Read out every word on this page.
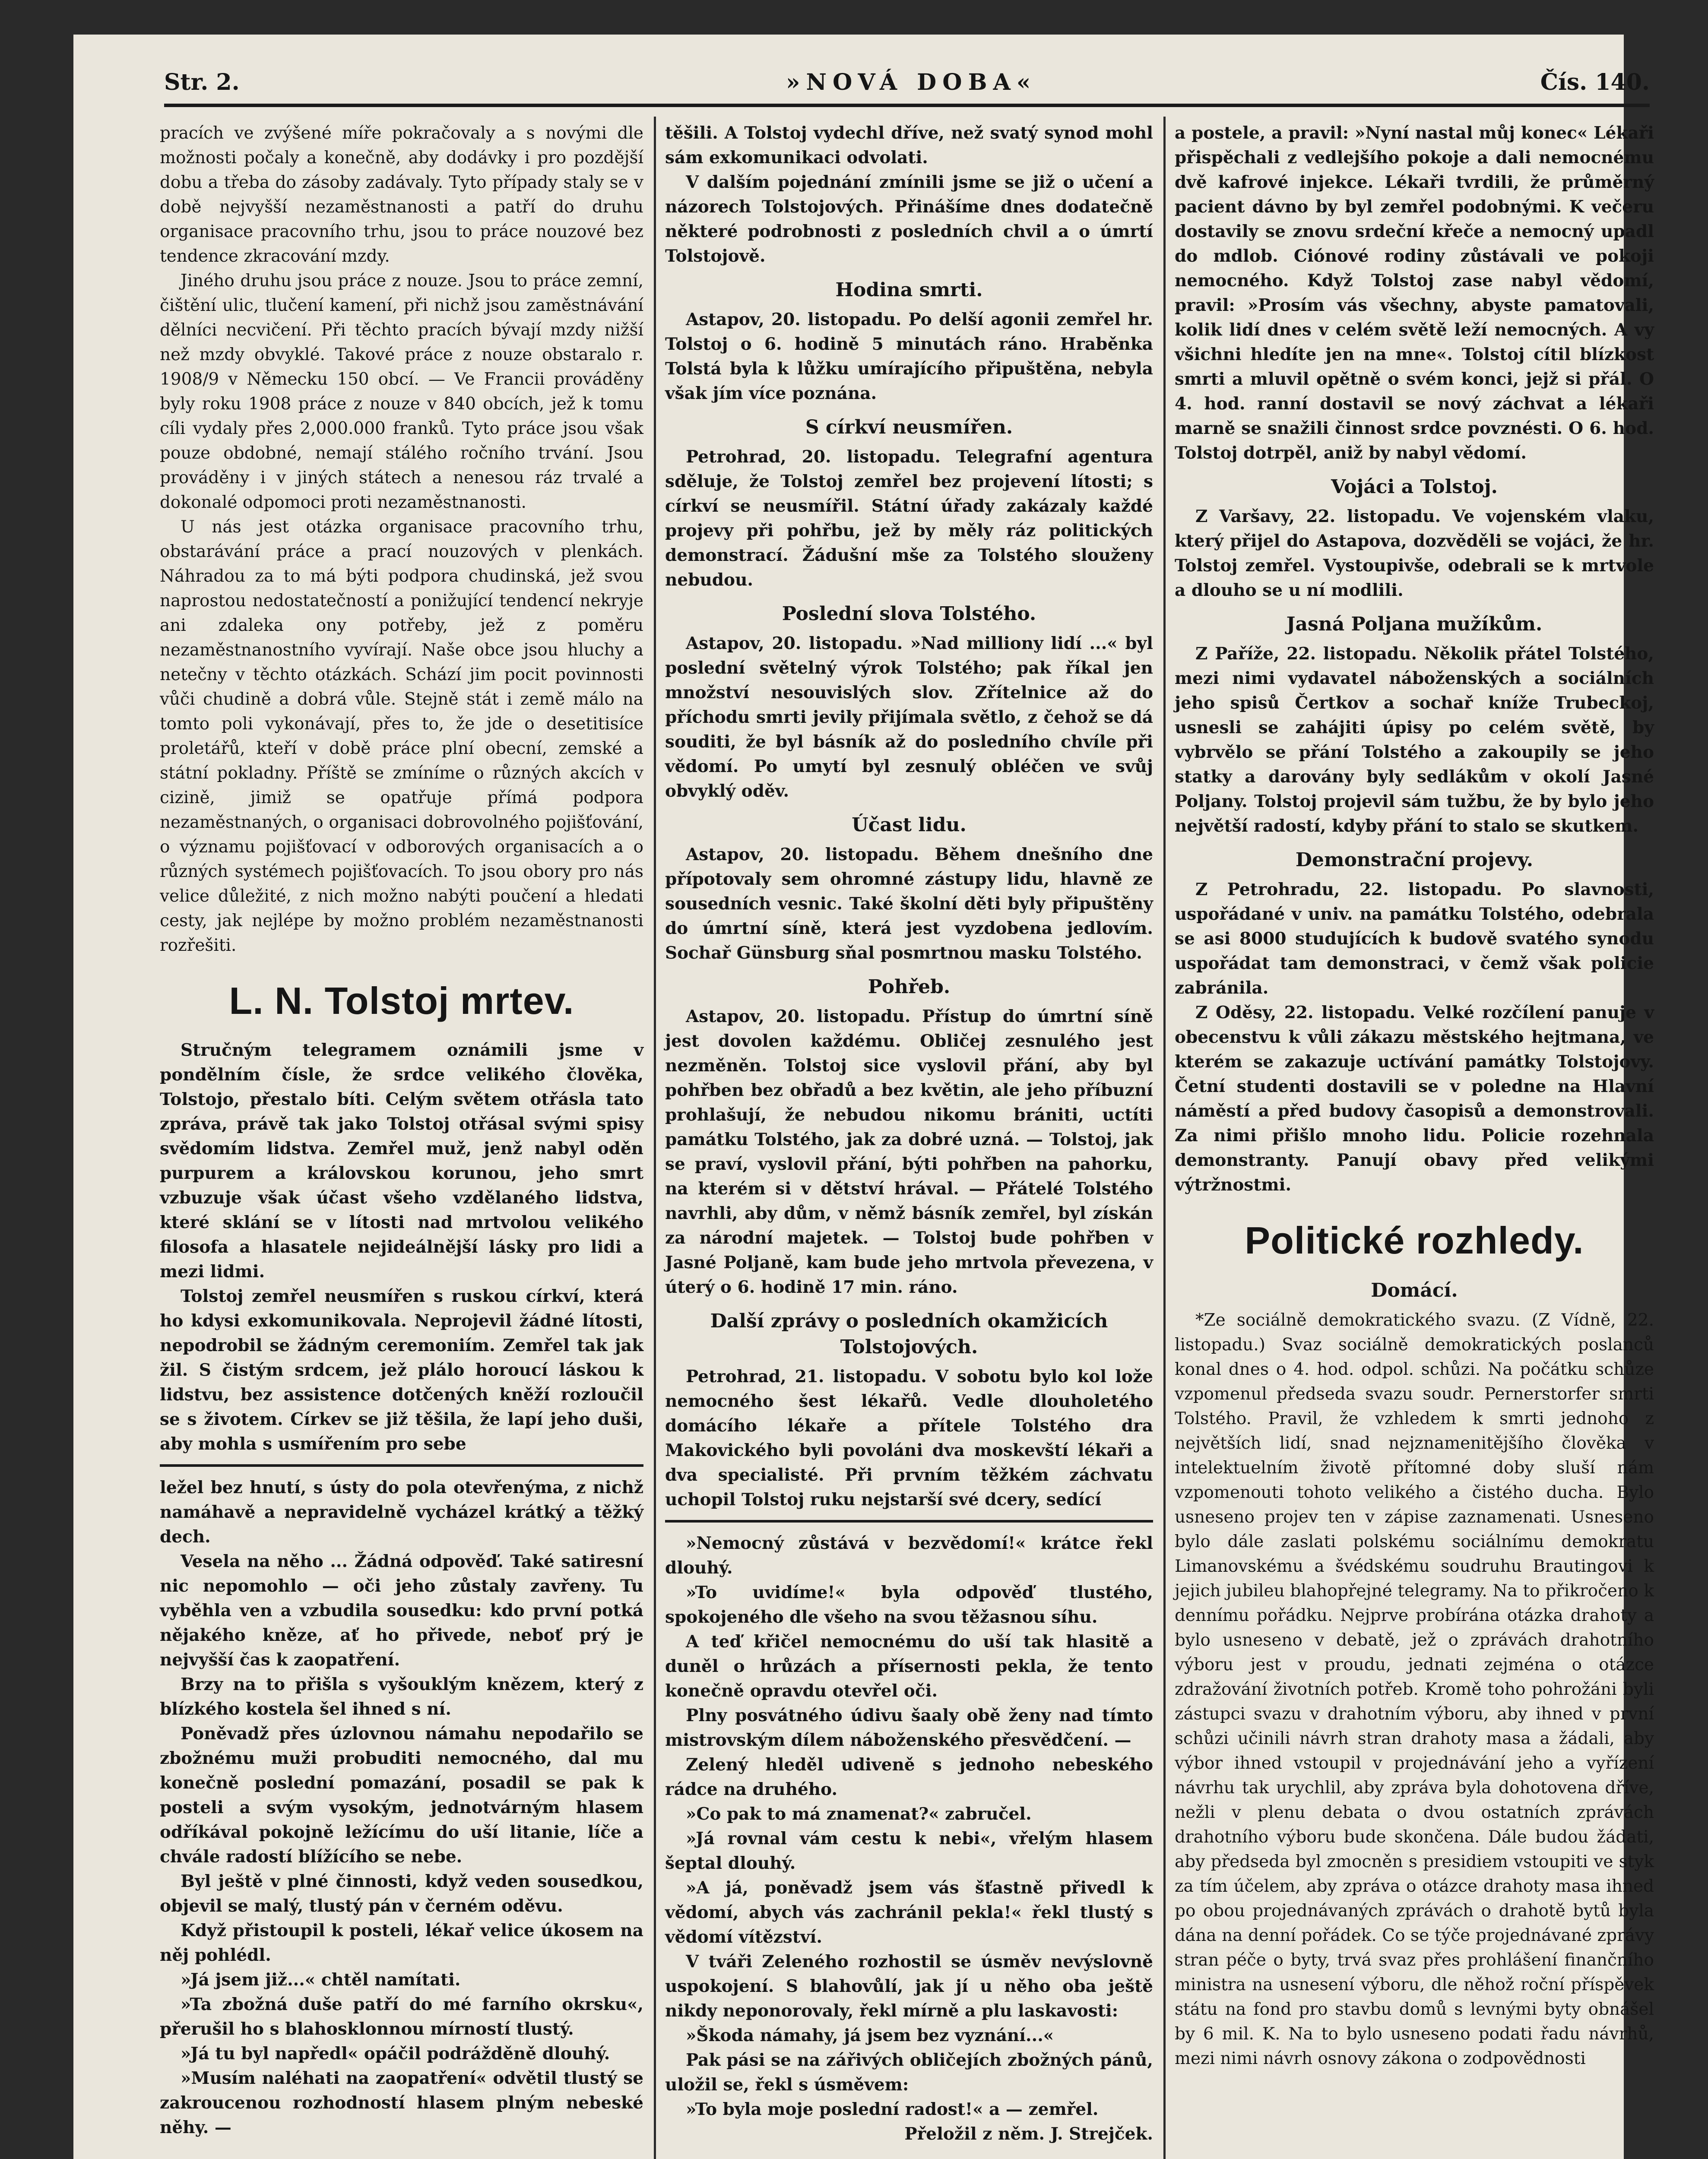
Str. 2.	»NOVÁ DOBA«	Čís. 140.

pracích ve zvýšené míře pokračovaly a s novými dle možnosti počaly a konečně, aby dodávky i pro pozdější dobu a třeba do zásoby zadávaly. Tyto případy staly se v době nejvyšší nezaměstnanosti a patří do druhu organisace pracovního trhu, jsou to práce nouzové bez tendence zkracování mzdy.

Jiného druhu jsou práce z nouze. Jsou to práce zemní, čištění ulic, tlučení kamení, při nichž jsou zaměstnávání dělníci necvičení. Při těchto pracích bývají mzdy nižší než mzdy obvyklé. Takové práce z nouze obstaralo r. 1908/9 v Německu 150 obcí. — Ve Francii prováděny byly roku 1908 práce z nouze v 840 obcích, jež k tomu cíli vydaly přes 2,000.000 franků. Tyto práce jsou však pouze obdobné, nemají stálého ročního trvání. Jsou prováděny i v jiných státech a nenesou ráz trvalé a dokonalé odpomoci proti nezaměstnanosti.

U nás jest otázka organisace pracovního trhu, obstarávání práce a prací nouzových v plenkách. Náhradou za to má býti podpora chudinská, jež svou naprostou nedostatečností a ponižující tendencí nekryje ani zdaleka ony potřeby, jež z poměru nezaměstnanostního vyvírají. Naše obce jsou hluchy a netečny v těchto otázkách. Schází jim pocit povinnosti vůči chudině a dobrá vůle. Stejně stát i země málo na tomto poli vykonávají, přes to, že jde o desetitisíce proletářů, kteří v době práce plní obecní, zemské a státní pokladny. Příště se zmíníme o různých akcích v cizině, jimiž se opatřuje přímá podpora nezaměstnaných, o organisaci dobrovolného pojišťování, o významu pojišťovací v odborových organisacích a o různých systémech pojišťovacích. To jsou obory pro nás velice důležité, z nich možno nabýti poučení a hledati cesty, jak nejlépe by možno problém nezaměstnanosti rozřešiti.

L. N. Tolstoj mrtev.

Stručným telegramem oznámili jsme v pondělním čísle, že srdce velikého člověka, Tolstojo, přestalo bíti. Celým světem otřásla tato zpráva, právě tak jako Tolstoj otřásal svými spisy svědomím lidstva. Zemřel muž, jenž nabyl oděn purpurem a královskou korunou, jeho smrt vzbuzuje však účast všeho vzdělaného lidstva, které sklání se v lítosti nad mrtvolou velikého filosofa a hlasatele nejideálnější lásky pro lidi a mezi lidmi.

Tolstoj zemřel neusmířen s ruskou církví, která ho kdysi exkomunikovala. Neprojevil žádné lítosti, nepodrobil se žádným ceremoniím. Zemřel tak jak žil. S čistým srdcem, jež plálo horoucí láskou k lidstvu, bez assistence dotčených kněží rozloučil se s životem. Církev se již těšila, že lapí jeho duši, aby mohla s usmířením pro sebe

ležel bez hnutí, s ústy do pola otevřenýma, z nichž namáhavě a nepravidelně vycházel krátký a těžký dech.

Vesela na něho ... Žádná odpověď. Také satiresní nic nepomohlo — oči jeho zůstaly zavřeny. Tu vyběhla ven a vzbudila sousedku: kdo první potká nějakého kněze, ať ho přivede, neboť prý je nejvyšší čas k zaopatření.

Brzy na to přišla s vyšouklým knězem, který z blízkého kostela šel ihned s ní.

Poněvadž přes úzlovnou námahu nepodařilo se zbožnému muži probuditi nemocného, dal mu konečně poslední pomazání, posadil se pak k posteli a svým vysokým, jednotvárným hlasem odříkával pokojně ležícímu do uší litanie, líče a chvále radostí blížícího se nebe.

Byl ještě v plné činnosti, když veden sousedkou, objevil se malý, tlustý pán v černém oděvu.

Když přistoupil k posteli, lékař velice úkosem na něj pohlédl.

»Já jsem již...« chtěl namítati.

»Ta zbožná duše patří do mé farního okrsku«, přerušil ho s blahosklonnou mírností tlustý.

»Já tu byl napředl« opáčil podrážděně dlouhý.

»Musím naléhati na zaopatření« odvětil tlustý se zakroucenou rozhodností hlasem plným nebeské něhy. —

těšili. A Tolstoj vydechl dříve, než svatý synod mohl sám exkomunikaci odvolati.

V dalším pojednání zmínili jsme se již o učení a názorech Tolstojových. Přinášíme dnes dodatečně některé podrobnosti z posledních chvil a o úmrtí Tolstojově.

Hodina smrti.

Astapov, 20. listopadu. Po delší agonii zemřel hr. Tolstoj o 6. hodině 5 minutách ráno. Hraběnka Tolstá byla k lůžku umírajícího připuštěna, nebyla však jím více poznána.

S církví neusmířen.

Petrohrad, 20. listopadu. Telegrafní agentura sděluje, že Tolstoj zemřel bez projevení lítosti; s církví se neusmířil. Státní úřady zakázaly každé projevy při pohřbu, jež by měly ráz politických demonstrací. Žádušní mše za Tolstého slouženy nebudou.

Poslední slova Tolstého.

Astapov, 20. listopadu. »Nad milliony lidí ...« byl poslední světelný výrok Tolstého; pak říkal jen množství nesouvislých slov. Zřítelnice až do příchodu smrti jevily přijímala světlo, z čehož se dá souditi, že byl básník až do posledního chvíle při vědomí. Po umytí byl zesnulý obléčen ve svůj obvyklý oděv.

Účast lidu.

Astapov, 20. listopadu. Během dnešního dne přípotovaly sem ohromné zástupy lidu, hlavně ze sousedních vesnic. Také školní děti byly připuštěny do úmrtní síně, která jest vyzdobena jedlovím. Sochař Günsburg sňal posmrtnou masku Tolstého.

Pohřeb.

Astapov, 20. listopadu. Přístup do úmrtní síně jest dovolen každému. Obličej zesnulého jest nezměněn. Tolstoj sice vyslovil přání, aby byl pohřben bez obřadů a bez květin, ale jeho příbuzní prohlašují, že nebudou nikomu brániti, uctíti památku Tolstého, jak za dobré uzná. — Tolstoj, jak se praví, vyslovil přání, býti pohřben na pahorku, na kterém si v dětství hrával. — Přátelé Tolstého navrhli, aby dům, v němž básník zemřel, byl získán za národní majetek. — Tolstoj bude pohřben v Jasné Poljaně, kam bude jeho mrtvola převezena, v úterý o 6. hodině 17 min. ráno.

Další zprávy o posledních okamžicích Tolstojových.

Petrohrad, 21. listopadu. V sobotu bylo kol lože nemocného šest lékařů. Vedle dlouholetého domácího lékaře a přítele Tolstého dra Makovického byli povoláni dva moskevští lékaři a dva specialisté. Při prvním těžkém záchvatu uchopil Tolstoj ruku nejstarší své dcery, sedící

»Nemocný zůstává v bezvědomí!« krátce řekl dlouhý.

»To uvidíme!« byla odpověď tlustého, spokojeného dle všeho na svou těžasnou síhu.

A teď křičel nemocnému do uší tak hlasitě a duněl o hrůzách a přísernosti pekla, že tento konečně opravdu otevřel oči.

Plny posvátného údivu šaaly obě ženy nad tímto mistrovským dílem náboženského přesvědčení. —

Zelený hleděl udiveně s jednoho nebeského rádce na druhého.

»Co pak to má znamenat?« zabručel.

»Já rovnal vám cestu k nebi«, vřelým hlasem šeptal dlouhý.

»A já, poněvadž jsem vás šťastně přivedl k vědomí, abych vás zachránil pekla!« řekl tlustý s vědomí vítězství.

V tváři Zeleného rozhostil se úsměv nevýslovně uspokojení. S blahovůlí, jak jí u něho oba ještě nikdy neponorovaly, řekl mírně a plu laskavosti:

»Škoda námahy, já jsem bez vyznání...«

Pak pási se na zářivých obličejích zbožných pánů, uložil se, řekl s úsměvem:

»To byla moje poslední radost!« a — zemřel.

Přeložil z něm. J. Strejček.

a postele, a pravil: »Nyní nastal můj konec« Lékaři přispěchali z vedlejšího pokoje a dali nemocnému dvě kafrové injekce. Lékaři tvrdili, že průměrný pacient dávno by byl zemřel podobnými. K večeru dostavily se znovu srdeční křeče a nemocný upadl do mdlob. Ciónové rodiny zůstávali ve pokoji nemocného. Když Tolstoj zase nabyl vědomí, pravil: »Prosím vás všechny, abyste pamatovali, kolik lidí dnes v celém světě leží nemocných. A vy všichni hledíte jen na mne«. Tolstoj cítil blízkost smrti a mluvil opětně o svém konci, jejž si přál. O 4. hod. ranní dostavil se nový záchvat a lékaři marně se snažili činnost srdce povznésti. O 6. hod. Tolstoj dotrpěl, aniž by nabyl vědomí.

Vojáci a Tolstoj.

Z Varšavy, 22. listopadu. Ve vojenském vlaku, který přijel do Astapova, dozvěděli se vojáci, že hr. Tolstoj zemřel. Vystoupivše, odebrali se k mrtvole a dlouho se u ní modlili.

Jasná Poljana mužíkům.

Z Paříže, 22. listopadu. Několik přátel Tolstého, mezi nimi vydavatel náboženských a sociálních jeho spisů Čertkov a sochař kníže Trubeckoj, usnesli se zahájiti úpisy po celém světě, by vybrvělo se přání Tolstého a zakoupily se jeho statky a darovány byly sedlákům v okolí Jasné Poljany. Tolstoj projevil sám tužbu, že by bylo jeho největší radostí, kdyby přání to stalo se skutkem.

Demonstrační projevy.

Z Petrohradu, 22. listopadu. Po slavnosti, uspořádané v univ. na památku Tolstého, odebrala se asi 8000 studujících k budově svatého synodu uspořádat tam demonstraci, v čemž však policie zabránila.

Z Oděsy, 22. listopadu. Velké rozčílení panuje v obecenstvu k vůli zákazu městského hejtmana, ve kterém se zakazuje uctívání památky Tolstojovy. Četní studenti dostavili se v poledne na Hlavní náměstí a před budovy časopisů a demonstrovali. Za nimi přišlo mnoho lidu. Policie rozehnala demonstranty. Panují obavy před velikými výtržnostmi.

Politické rozhledy.
Domácí.

*Ze sociálně demokratického svazu. (Z Vídně, 22. listopadu.) Svaz sociálně demokratických poslanců konal dnes o 4. hod. odpol. schůzi. Na počátku schůze vzpomenul předseda svazu soudr. Pernerstorfer smrti Tolstého. Pravil, že vzhledem k smrti jednoho z největších lidí, snad nejznamenitějšího člověka v intelektuelním životě přítomné doby sluší nám vzpomenouti tohoto velikého a čistého ducha. Bylo usneseno projev ten v zápise zaznamenati. Usneseno bylo dále zaslati polskému sociálnímu demokratu Limanovskému a švédskému soudruhu Brautingovi k jejich jubileu blahopřejné telegramy. Na to přikročeno k dennímu pořádku. Nejprve probírána otázka drahoty a bylo usneseno v debatě, jež o zprávách drahotního výboru jest v proudu, jednati zejména o otázce zdražování životních potřeb. Kromě toho pohrožáni byli zástupci svazu v drahotním výboru, aby ihned v první schůzi učinili návrh stran drahoty masa a žádali, aby výbor ihned vstoupil v projednávání jeho a vyřízení návrhu tak urychlil, aby zpráva byla dohotovena dříve, nežli v plenu debata o dvou ostatních zprávách drahotního výboru bude skončena. Dále budou žádati, aby předseda byl zmocněn s presidiem vstoupiti ve styk za tím účelem, aby zpráva o otázce drahoty masa ihned po obou projednávaných zprávách o drahotě bytů byla dána na denní pořádek. Co se týče projednávané zprávy stran péče o byty, trvá svaz přes prohlášení finančního ministra na usnesení výboru, dle něhož roční příspěvek státu na fond pro stavbu domů s levnými byty obnášel by 6 mil. K. Na to bylo usneseno podati řadu návrhů, mezi nimi návrh osnovy zákona o zodpovědnosti
